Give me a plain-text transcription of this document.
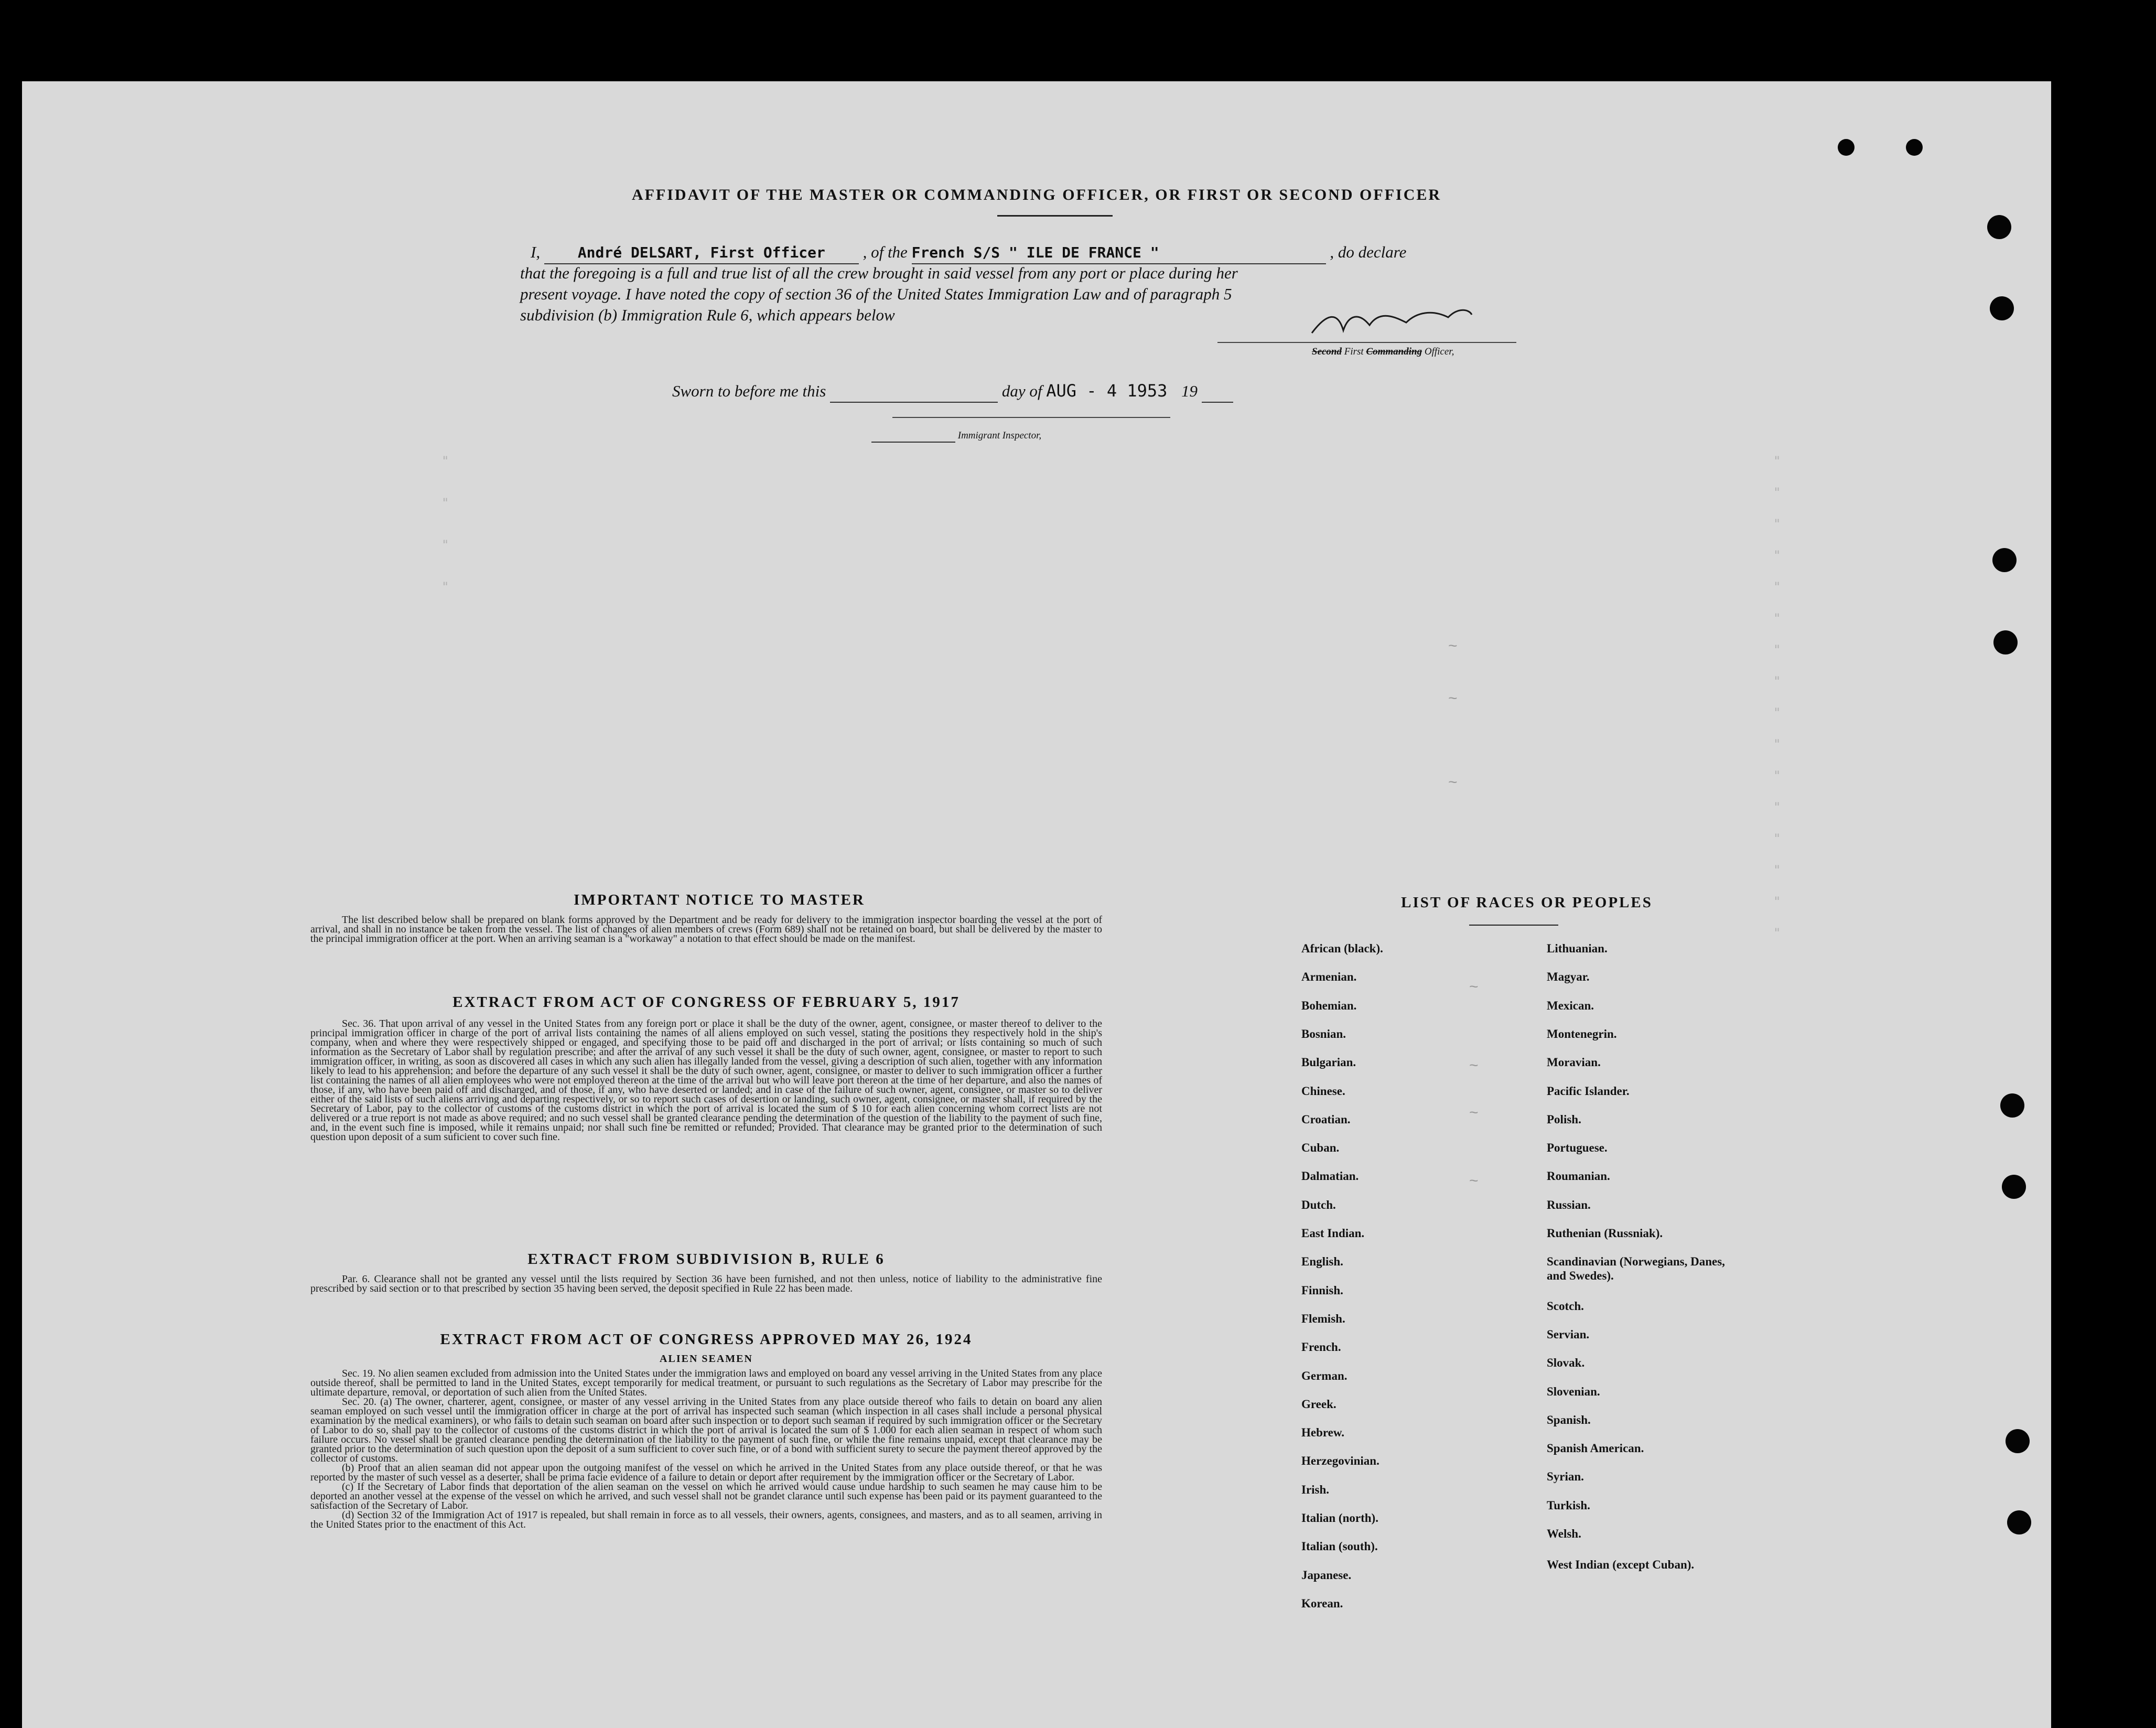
AFFIDAVIT OF THE MASTER OR COMMANDING OFFICER, OR FIRST OR SECOND OFFICER
I,	André DELSART, First Officer , of the French S/S " ILE DE FRANCE "	, do declare
that the foregoing is a full and true list of all the crew brought in said vessel from any port or place during her
present voyage. I have noted the copy of section 36 of the United States Immigration Law and of paragraph 5
subdivision (b) Immigration Rule 6, which appears below
Second First Commanding Officer,
Sworn to before me this	day of AUG - 4 1953 19
Immigrant Inspector,
"
"
"
"
"
"
"
"
"
"
"
"
"
"
"
"
"
"
"
"
IMPORTANT NOTICE TO MASTER

The list described below shall be prepared on blank forms approved by the Department and be ready for delivery to the immigration inspector boarding the vessel at the port of arrival, and shall in no instance be taken from the vessel. The list of changes of alien members of crews (Form 689) shall not be retained on board, but shall be delivered by the master to the principal immigration officer at the port. When an arriving seaman is a "workaway" a notation to that effect should be made on the manifest.

EXTRACT FROM ACT OF CONGRESS OF FEBRUARY 5, 1917

Sec. 36. That upon arrival of any vessel in the United States from any foreign port or place it shall be the duty of the owner, agent, consignee, or master thereof to deliver to the principal immigration officer in charge of the port of arrival lists containing the names of all aliens employed on such vessel, stating the positions they respectively hold in the ship's company, when and where they were respectively shipped or engaged, and specifying those to be paid off and discharged in the port of arrival; or lists containing so much of such information as the Secretary of Labor shall by regulation prescribe; and after the arrival of any such vessel it shall be the duty of such owner, agent, consignee, or master to report to such immigration officer, in writing, as soon as discovered all cases in which any such alien has illegally landed from the vessel, giving a description of such alien, together with any information likely to lead to his apprehension; and before the departure of any such vessel it shall be the duty of such owner, agent, consignee, or master to deliver to such immigration officer a further list containing the names of all alien employees who were not employed thereon at the time of the arrival but who will leave port thereon at the time of her departure, and also the names of those, if any, who have been paid off and discharged, and of those, if any, who have deserted or landed; and in case of the failure of such owner, agent, consignee, or master so to deliver either of the said lists of such aliens arriving and departing respectively, or so to report such cases of desertion or landing, such owner, agent, consignee, or master shall, if required by the Secretary of Labor, pay to the collector of customs of the customs district in which the port of arrival is located the sum of $ 10 for each alien concerning whom correct lists are not delivered or a true report is not made as above required; and no such vessel shall be granted clearance pending the determination of the question of the liability to the payment of such fine, and, in the event such fine is imposed, while it remains unpaid; nor shall such fine be remitted or refunded; Provided. That clearance may be granted prior to the determination of such question upon deposit of a sum suficient to cover such fine.

EXTRACT FROM SUBDIVISION B, RULE 6

Par. 6. Clearance shall not be granted any vessel until the lists required by Section 36 have been furnished, and not then unless, notice of liability to the administrative fine prescribed by said section or to that prescribed by section 35 having been served, the deposit specified in Rule 22 has been made.

EXTRACT FROM ACT OF CONGRESS APPROVED MAY 26, 1924
ALIEN SEAMEN

Sec. 19. No alien seamen excluded from admission into the United States under the immigration laws and employed on board any vessel arriving in the United States from any place outside thereof, shall be permitted to land in the United States, except temporarily for medical treatment, or pursuant to such regulations as the Secretary of Labor may prescribe for the ultimate departure, removal, or deportation of such alien from the United States.

Sec. 20. (a) The owner, charterer, agent, consignee, or master of any vessel arriving in the United States from any place outside thereof who fails to detain on board any alien seaman employed on such vessel until the immigration officer in charge at the port of arrival has inspected such seaman (which inspection in all cases shall include a personal physical examination by the medical examiners), or who fails to detain such seaman on board after such inspection or to deport such seaman if required by such immigration officer or the Secretary of Labor to do so, shall pay to the collector of customs of the customs district in which the port of arrival is located the sum of $ 1.000 for each alien seaman in respect of whom such failure occurs. No vessel shall be granted clearance pending the determination of the liability to the payment of such fine, or while the fine remains unpaid, except that clearance may be granted prior to the determination of such question upon the deposit of a sum sufficient to cover such fine, or of a bond with sufficient surety to secure the payment thereof approved by the collector of customs.

(b) Proof that an alien seaman did not appear upon the outgoing manifest of the vessel on which he arrived in the United States from any place outside thereof, or that he was reported by the master of such vessel as a deserter, shall be prima facie evidence of a failure to detain or deport after requirement by the immigration officer or the Secretary of Labor.

(c) If the Secretary of Labor finds that deportation of the alien seaman on the vessel on which he arrived would cause undue hardship to such seamen he may cause him to be deported an another vessel at the expense of the vessel on which he arrived, and such vessel shall not be grandet clarance until such expense has been paid or its payment guaranteed to the satisfaction of the Secretary of Labor.

(d) Section 32 of the Immigration Act of 1917 is repealed, but shall remain in force as to all vessels, their owners, agents, consignees, and masters, and as to all seamen, arriving in the United States prior to the enactment of this Act.

LIST OF RACES OR PEOPLES
African (black).
Armenian.
Bohemian.
Bosnian.
Bulgarian.
Chinese.
Croatian.
Cuban.
Dalmatian.
Dutch.
East Indian.
English.
Finnish.
Flemish.
French.
German.
Greek.
Hebrew.
Herzegovinian.
Irish.
Italian (north).
Italian (south).
Japanese.
Korean.
Lithuanian.
Magyar.
Mexican.
Montenegrin.
Moravian.
Pacific Islander.
Polish.
Portuguese.
Roumanian.
Russian.
Ruthenian (Russniak).
Scandinavian (Norwegians, Danes, and Swedes).
Scotch.
Servian.
Slovak.
Slovenian.
Spanish.
Spanish American.
Syrian.
Turkish.
Welsh.
West Indian (except Cuban).
~
~
~
~
~
~
~
